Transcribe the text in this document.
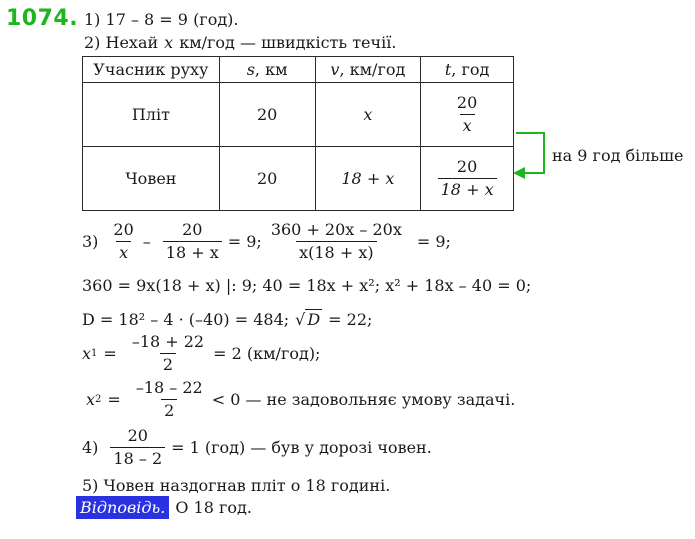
1074. 1) 17 – 8 = 9 (год).
2) Нехай x км/год — швидкість течії.
Учасник руху	s, км	v, км/год	t, год
Пліт	20	x	$\frac{20}{x}$

Човен	20	18 + x	$\frac{20}{18 + x}$
на 9 год більше
$3) \frac{20}{x} - \frac{20}{18 + x} = 9$; $\frac{360 + 20x - 20x}{x(18 + x)} = 9$;
360 = 9x(18 + x) |: 9; 40 = 18x + x²; x² + 18x – 40 = 0;
D = 18² – 4 · (–40) = 484; √ D = 22;
x $1 = \frac{-18 + 22}{2} = 2$ (км/год);
x $2 = \frac{-18 - 22}{2} < 0$ — не задовольняє умову задачі.
$4) \frac{20}{18 - 2} = 1$ (год) — був у дорозі човен.
5) Човен наздогнав пліт о 18 годині.
Відповідь. О 18 год.
